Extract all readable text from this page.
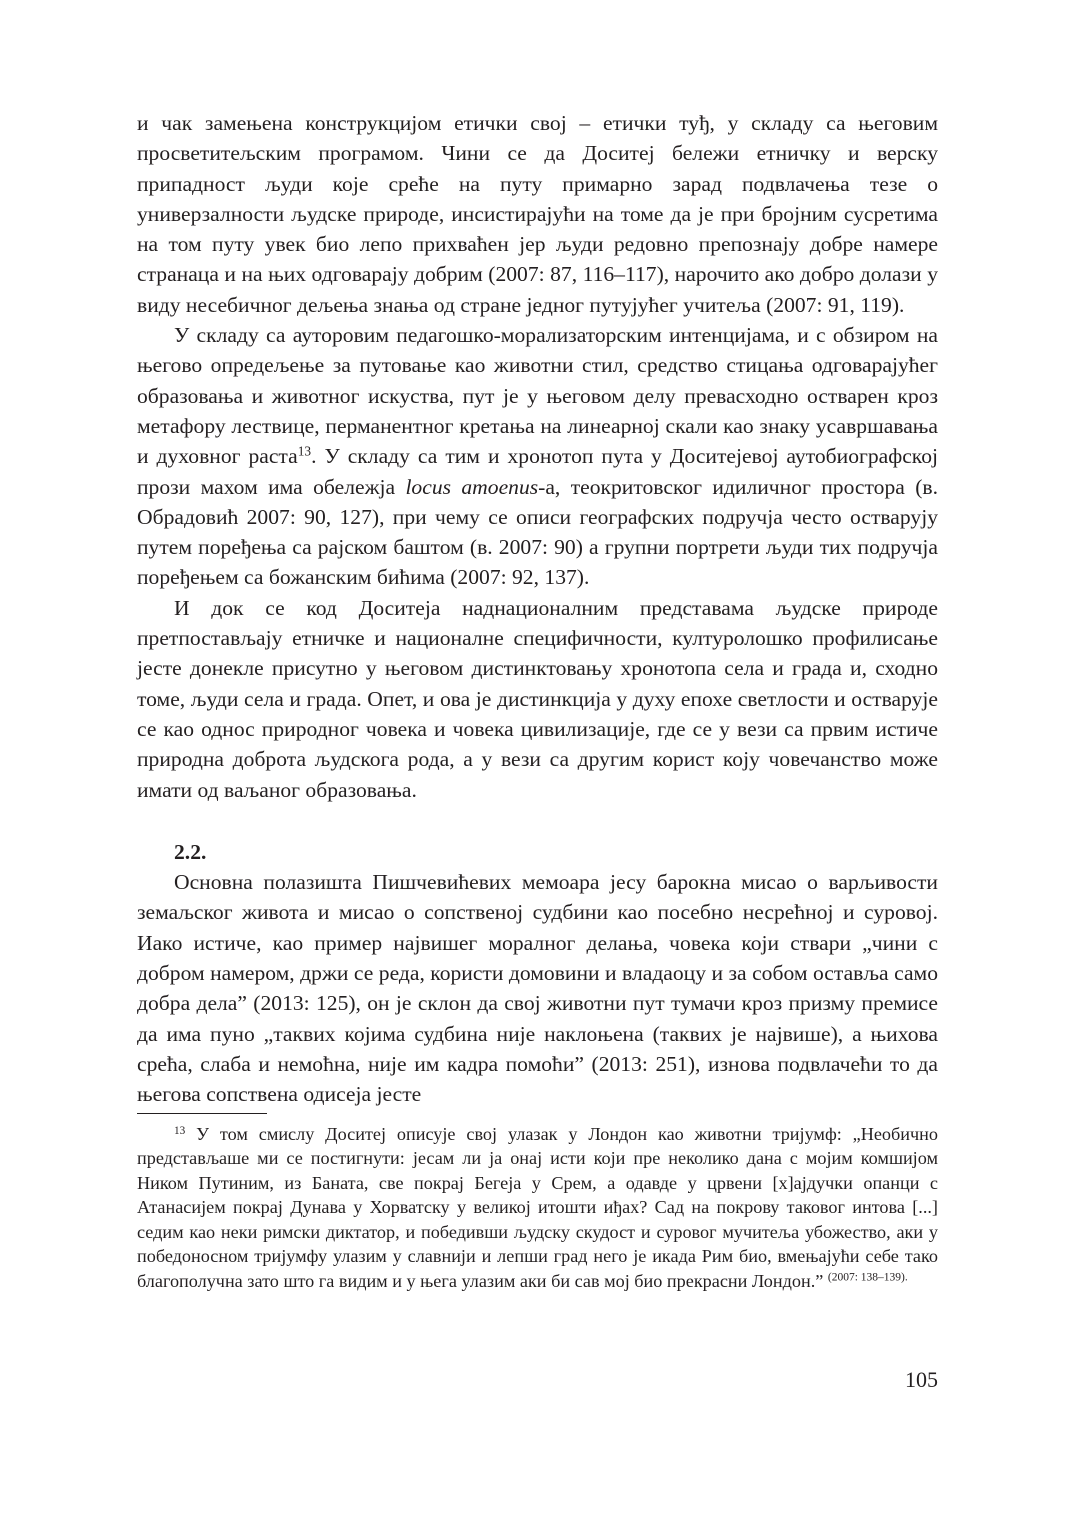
и чак замењена конструкцијом етички свој – етички туђ, у складу са његовим просветитељским програмом. Чини се да Доситеј бележи етничку и верску припадност људи које среће на путу примарно зарад подвлачења тезе о универзалности људске природе, инсистирајући на томе да је при бројним сусретима на том путу увек био лепо прихваћен јер људи редовно препознају добре намере странаца и на њих одговарају добрим (2007: 87, 116–117), нарочито ако добро долази у виду несебичног дељења знања од стране једног путујућег учитеља (2007: 91, 119).

У складу са ауторовим педагошко-морализаторским интенцијама, и с обзиром на његово опредељење за путовање као животни стил, средство стицања одговарајућег образовања и животног искуства, пут је у његовом делу превасходно остварен кроз метафору лествице, перманентног кретања на линеарној скали као знаку усавршавања и духовног раста$^{13}$. У складу са тим и хронотоп пута у Доситејевој аутобиографској прози махом има обележја locus amoenus-а, теокритовског идиличног простора (в. Обрадовић 2007: 90, 127), при чему се описи географских подручја често остварују путем поређења са рајском баштом (в. 2007: 90) а групни портрети људи тих подручја поређењем са божанским бићима (2007: 92, 137).

И док се код Доситеја наднационалним представама људске природе претпостављају етничке и националне специфичности, културолошко профилисање јесте донекле присутно у његовом дистинктовању хронотопа села и града и, сходно томе, људи села и града. Опет, и ова је дистинкција у духу епохе светлости и остварује се као однос природног човека и човека цивилизације, где се у вези са првим истиче природна доброта људскога рода, а у вези са другим корист коју човечанство може имати од ваљаног образовања.

2.2.

Основна полазишта Пишчевићевих мемоара јесу барокна мисао о варљивости земаљског живота и мисао о сопственој судбини као посебно несрећној и суровој. Иако истиче, као пример највишег моралног делања, човека који ствари „чини с добром намером, држи се реда, користи домовини и владаоцу и за собом оставља само добра дела” (2013: 125), он је склон да свој животни пут тумачи кроз призму премисе да има пуно „таквих којима судбина није наклоњена (таквих је највише), а њихова срећа, слаба и немоћна, није им кадра помоћи” (2013: 251), изнова подвлачећи то да његова сопствена одисеја јесте

$^{13}$ У том смислу Доситеј описује свој улазак у Лондон као животни тријумф: „Необично представљаше ми се постигнути: јесам ли ја онај исти који пре неколико дана с мојим комшијом Ником Путиним, из Баната, све покрај Бегеја у Срем, а одавде у црвени [х]ајдучки опанци с Атанасијем покрај Дунава у Хорватску у великој итошти иђах? Сад на покрову таковог интова [...] седим као неки римски диктатор, и победивши људску скудост и суровог мучитеља убожество, аки у победоносном тријумфу улазим у славнији и лепши град него је икада Рим био, вмењајући себе тако благополучна зато што га видим и у њега улазим аки би сав мој био прекрасни Лондон.” $^{(2007: 138-139).}$

105
